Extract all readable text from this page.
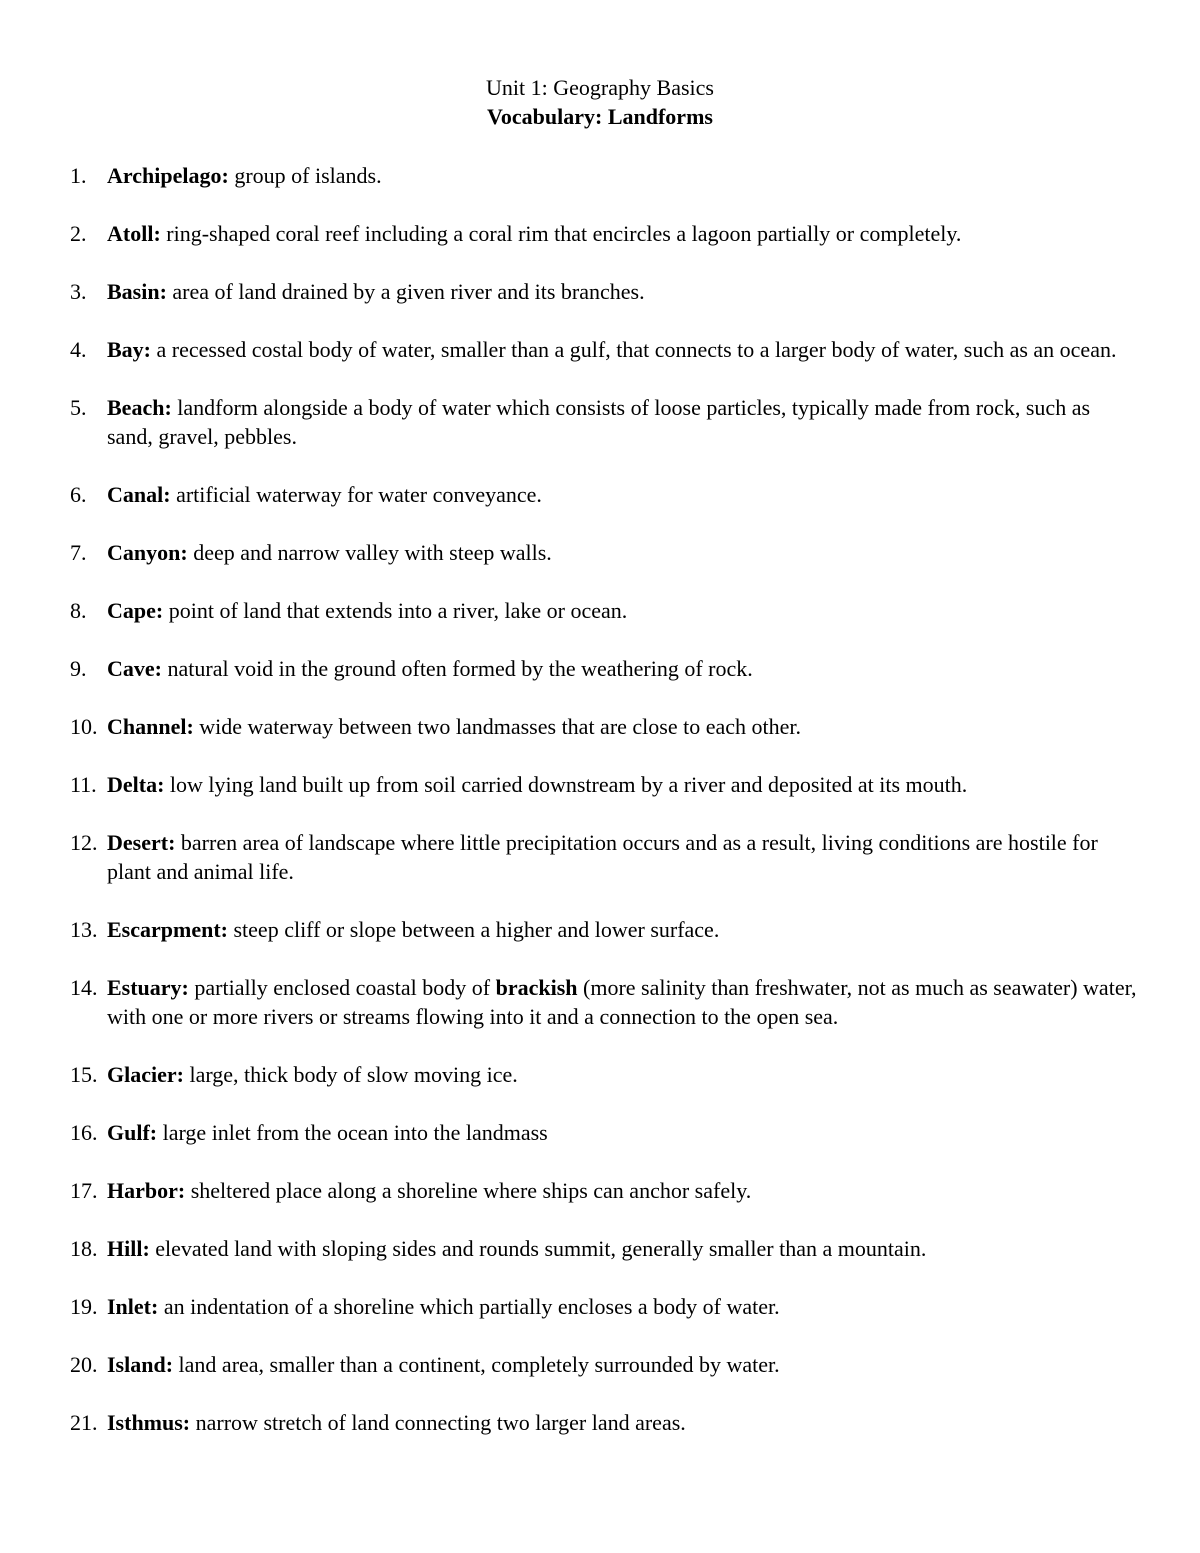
Unit 1: Geography Basics
Vocabulary: Landforms
1. Archipelago: group of islands.
2. Atoll: ring-shaped coral reef including a coral rim that encircles a lagoon partially or completely.
3. Basin: area of land drained by a given river and its branches.
4. Bay: a recessed costal body of water, smaller than a gulf, that connects to a larger body of water, such as an ocean.
5. Beach: landform alongside a body of water which consists of loose particles, typically made from rock, such as sand, gravel, pebbles.
6. Canal: artificial waterway for water conveyance.
7. Canyon: deep and narrow valley with steep walls.
8. Cape: point of land that extends into a river, lake or ocean.
9. Cave: natural void in the ground often formed by the weathering of rock.
10. Channel: wide waterway between two landmasses that are close to each other.
11. Delta: low lying land built up from soil carried downstream by a river and deposited at its mouth.
12. Desert: barren area of landscape where little precipitation occurs and as a result, living conditions are hostile for plant and animal life.
13. Escarpment: steep cliff or slope between a higher and lower surface.
14. Estuary: partially enclosed coastal body of brackish (more salinity than freshwater, not as much as seawater) water, with one or more rivers or streams flowing into it and a connection to the open sea.
15. Glacier: large, thick body of slow moving ice.
16. Gulf: large inlet from the ocean into the landmass
17. Harbor: sheltered place along a shoreline where ships can anchor safely.
18. Hill: elevated land with sloping sides and rounds summit, generally smaller than a mountain.
19. Inlet: an indentation of a shoreline which partially encloses a body of water.
20. Island: land area, smaller than a continent, completely surrounded by water.
21. Isthmus: narrow stretch of land connecting two larger land areas.
